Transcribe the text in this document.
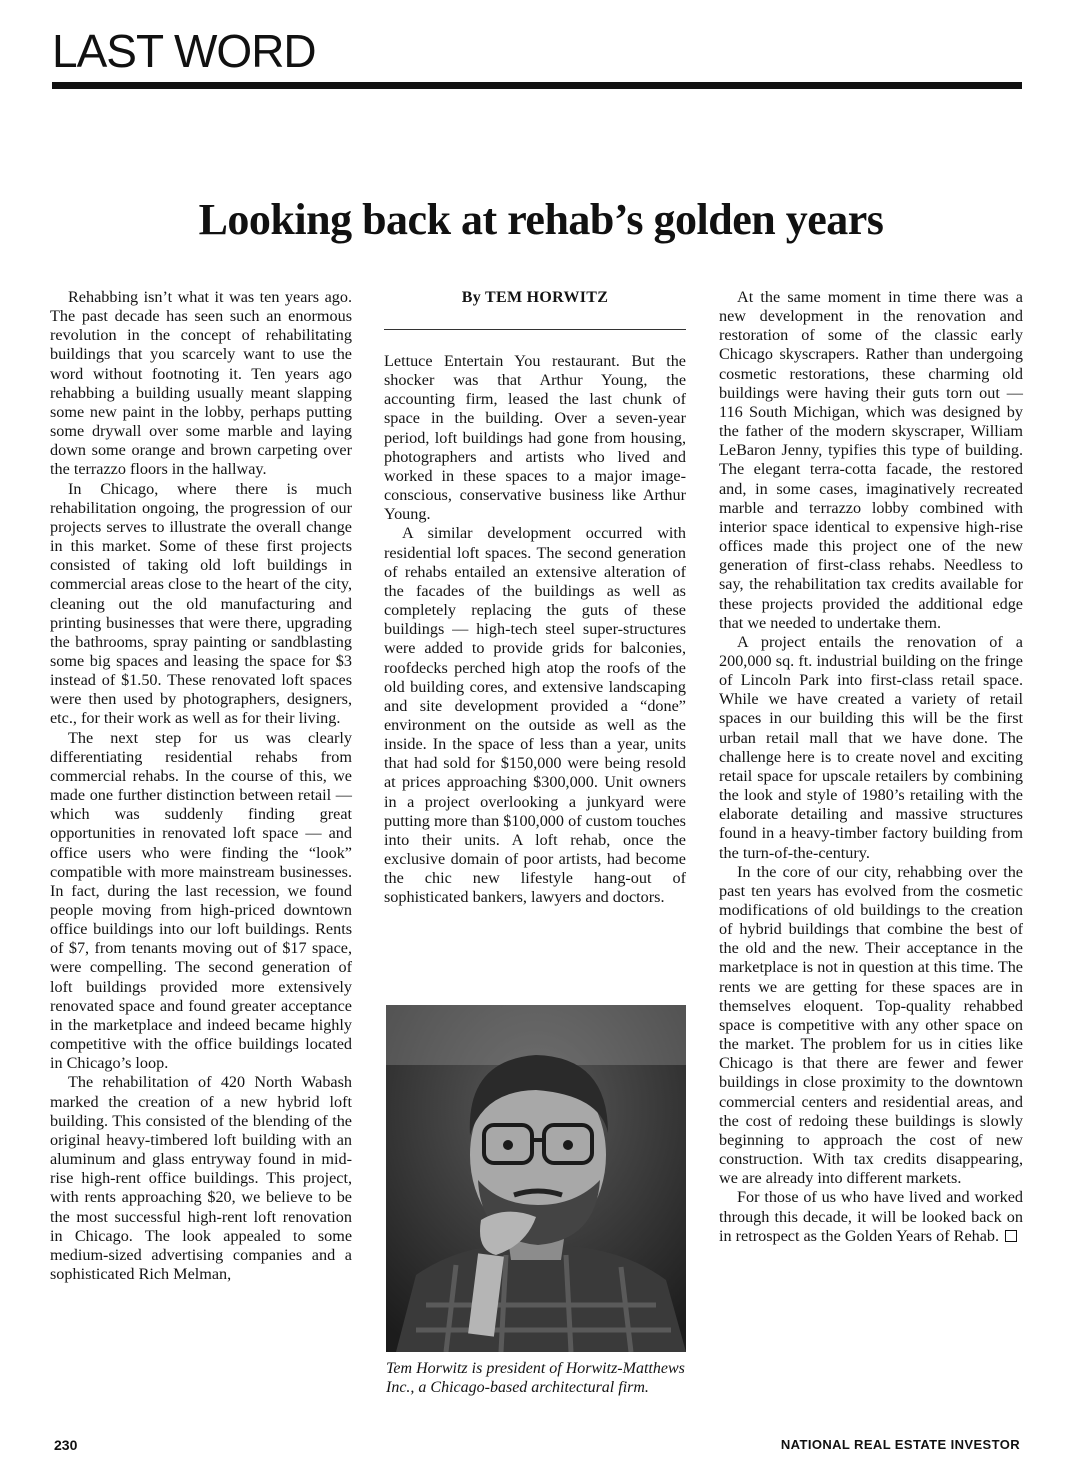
LAST WORD
Looking back at rehab’s golden years

Rehabbing isn’t what it was ten years ago. The past decade has seen such an enormous revolution in the concept of rehabilitating buildings that you scarcely want to use the word without footnoting it. Ten years ago rehabbing a building usually meant slapping some new paint in the lobby, perhaps putting some drywall over some marble and laying down some orange and brown carpeting over the terrazzo floors in the hallway.

In Chicago, where there is much rehabilitation ongoing, the progression of our projects serves to illustrate the overall change in this market. Some of these first projects consisted of taking old loft buildings in commercial areas close to the heart of the city, cleaning out the old manufacturing and printing businesses that were there, upgrading the bathrooms, spray painting or sandblasting some big spaces and leasing the space for $3 instead of $1.50. These renovated loft spaces were then used by photographers, designers, etc., for their work as well as for their living.

The next step for us was clearly differentiating residential rehabs from commercial rehabs. In the course of this, we made one further distinction between retail — which was suddenly finding great opportunities in renovated loft space — and office users who were finding the “look” compatible with more mainstream businesses. In fact, during the last recession, we found people moving from high-priced downtown office buildings into our loft buildings. Rents of $7, from tenants moving out of $17 space, were compelling. The second generation of loft buildings provided more extensively renovated space and found greater acceptance in the marketplace and indeed became highly competitive with the office buildings located in Chicago’s loop.

The rehabilitation of 420 North Wabash marked the creation of a new hybrid loft building. This consisted of the blending of the original heavy-timbered loft building with an aluminum and glass entryway found in mid-rise high-rent office buildings. This project, with rents approaching $20, we believe to be the most successful high-rent loft renovation in Chicago. The look appealed to some medium-sized advertising companies and a sophisticated Rich Melman,

By TEM HORWITZ

Lettuce Entertain You restaurant. But the shocker was that Arthur Young, the accounting firm, leased the last chunk of space in the building. Over a seven-year period, loft buildings had gone from housing, photographers and artists who lived and worked in these spaces to a major image-conscious, conservative business like Arthur Young.

A similar development occurred with residential loft spaces. The second generation of rehabs entailed an extensive alteration of the facades of the buildings as well as completely replacing the guts of these buildings — high-tech steel super-structures were added to provide grids for balconies, roofdecks perched high atop the roofs of the old building cores, and extensive landscaping and site development provided a “done” environment on the outside as well as the inside. In the space of less than a year, units that had sold for $150,000 were being resold at prices approaching $300,000. Unit owners in a project overlooking a junkyard were putting more than $100,000 of custom touches into their units. A loft rehab, once the exclusive domain of poor artists, had become the chic new lifestyle hang-out of sophisticated bankers, lawyers and doctors.

Tem Horwitz is president of Horwitz-Matthews Inc., a Chicago-based architectural firm.

At the same moment in time there was a new development in the renovation and restoration of some of the classic early Chicago skyscrapers. Rather than undergoing cosmetic restorations, these charming old buildings were having their guts torn out — 116 South Michigan, which was designed by the father of the modern skyscraper, William LeBaron Jenny, typifies this type of building. The elegant terra-cotta facade, the restored and, in some cases, imaginatively recreated marble and terrazzo lobby combined with interior space identical to expensive high-rise offices made this project one of the new generation of first-class rehabs. Needless to say, the rehabilitation tax credits available for these projects provided the additional edge that we needed to undertake them.

A project entails the renovation of a 200,000 sq. ft. industrial building on the fringe of Lincoln Park into first-class retail space. While we have created a variety of retail spaces in our building this will be the first urban retail mall that we have done. The challenge here is to create novel and exciting retail space for upscale retailers by combining the look and style of 1980’s retailing with the elaborate detailing and massive structures found in a heavy-timber factory building from the turn-of-the-century.

In the core of our city, rehabbing over the past ten years has evolved from the cosmetic modifications of old buildings to the creation of hybrid buildings that combine the best of the old and the new. Their acceptance in the marketplace is not in question at this time. The rents we are getting for these spaces are in themselves eloquent. Top-quality rehabbed space is competitive with any other space on the market. The problem for us in cities like Chicago is that there are fewer and fewer buildings in close proximity to the downtown commercial centers and residential areas, and the cost of redoing these buildings is slowly beginning to approach the cost of new construction. With tax credits disappearing, we are already into different markets.

For those of us who have lived and worked through this decade, it will be looked back on in retrospect as the Golden Years of Rehab.

230	NATIONAL REAL ESTATE INVESTOR
